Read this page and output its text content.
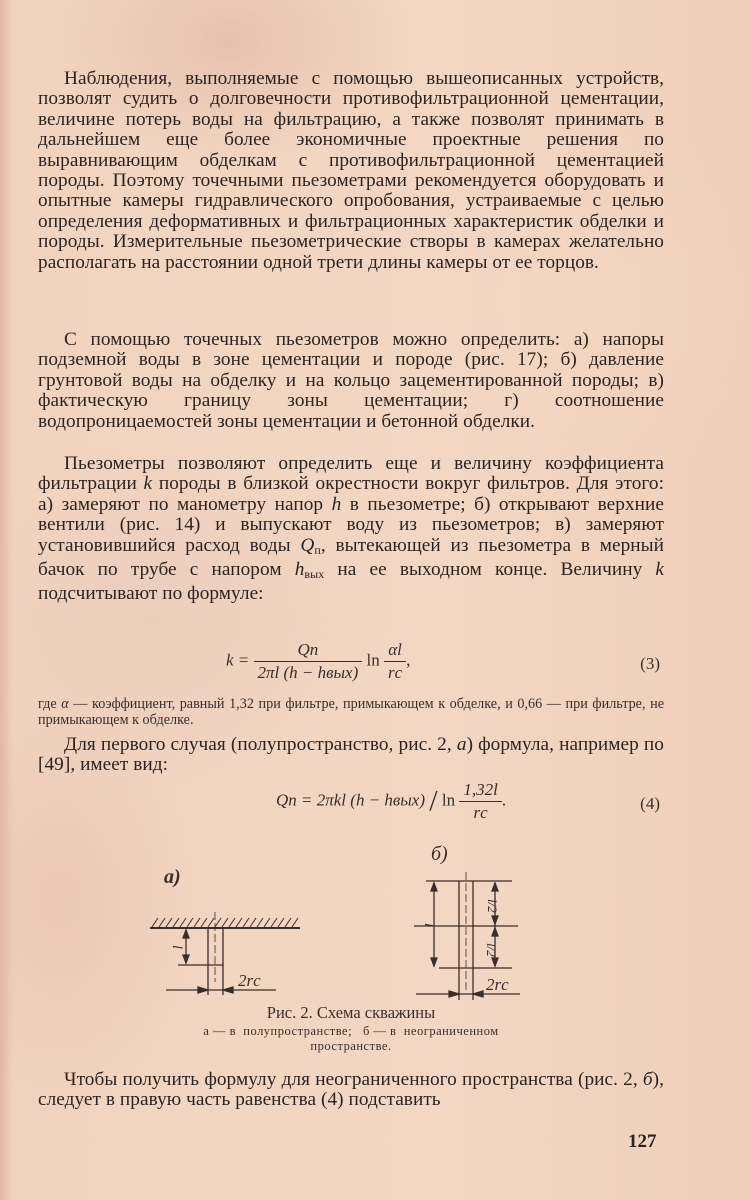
Наблюдения, выполняемые с помощью вышеописанных устройств, позволят судить о долговечности противофильтрационной цементации, величине потерь воды на фильтрацию, а также позволят принимать в дальнейшем еще более экономичные проектные решения по выравнивающим обделкам с противофильтрационной цементацией породы. Поэтому точечными пьезометрами рекомендуется оборудовать и опытные камеры гидравлического опробования, устраиваемые с целью определения деформативных и фильтрационных характеристик обделки и породы. Измерительные пьезометрические створы в камерах желательно располагать на расстоянии одной трети длины камеры от ее торцов.

С помощью точечных пьезометров можно определить: а) напоры подземной воды в зоне цементации и породе (рис. 17); б) давление грунтовой воды на обделку и на кольцо зацементированной породы; в) фактическую границу зоны цементации; г) соотношение водопроницаемостей зоны цементации и бетонной обделки.

Пьезометры позволяют определить еще и величину коэффициента фильтрации k породы в близкой окрестности вокруг фильтров. Для этого: а) замеряют по манометру напор h в пьезометре; б) открывают верхние вентили (рис. 14) и выпускают воду из пьезометров; в) замеряют установившийся расход воды $Q_п$, вытекающей из пьезометра в мерный бачок по трубе с напором $h_{вых}$ на ее выходном конце. Величину k подсчитывают по формуле:

$k = \frac{Qп}{\text{2πl (h − hвых)}}$ $\ln \frac{\alpha l}{rс}$ ,	(3)

где α — коэффициент, равный 1,32 при фильтре, примыкающем к обделке, и 0,66 — при фильтре, не примыкающем к обделке.

Для первого случая (полупространство, рис. 2, а) формула, например по [49], имеет вид:

Qп = 2πkl (h − hвых) / $\ln \frac{1,32l}{rс}$ .	(4)
а)
б)
l
2rс
l
l/2
l/2
2rс
Рис. 2. Схема скважины
а — в  полупространстве;   б — в  неограниченном
пространстве.

Чтобы получить формулу для неограниченного пространства (рис. 2, б), следует в правую часть равенства (4) подставить

127
